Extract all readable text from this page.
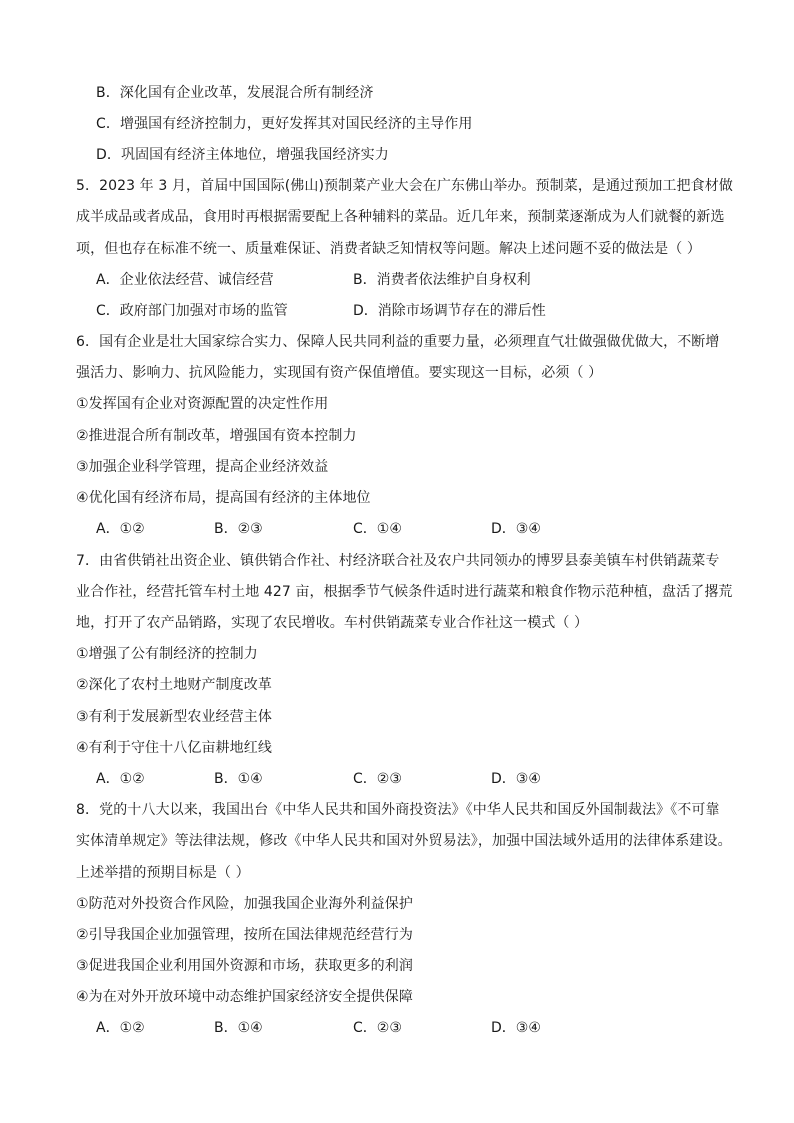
B．深化国有企业改革，发展混合所有制经济
C．增强国有经济控制力，更好发挥其对国民经济的主导作用
D．巩固国有经济主体地位，增强我国经济实力
5．2023 年 3 月，首届中国国际(佛山)预制菜产业大会在广东佛山举办。预制菜，是通过预加工把食材做
成半成品或者成品，食用时再根据需要配上各种辅料的菜品。近几年来，预制菜逐渐成为人们就餐的新选
项，但也存在标准不统一、质量难保证、消费者缺乏知情权等问题。解决上述问题不妥的做法是（ ）
A．企业依法经营、诚信经营	B．消费者依法维护自身权利
C．政府部门加强对市场的监管	D．消除市场调节存在的滞后性
6．国有企业是壮大国家综合实力、保障人民共同利益的重要力量，必须理直气壮做强做优做大，不断增
强活力、影响力、抗风险能力，实现国有资产保值增值。要实现这一目标，必须（ ）
①发挥国有企业对资源配置的决定性作用
②推进混合所有制改革，增强国有资本控制力
③加强企业科学管理，提高企业经济效益
④优化国有经济布局，提高国有经济的主体地位
A．①②	B．②③	C．①④	D．③④
7．由省供销社出资企业、镇供销合作社、村经济联合社及农户共同领办的博罗县泰美镇车村供销蔬菜专
业合作社，经营托管车村土地 427 亩，根据季节气候条件适时进行蔬菜和粮食作物示范种植，盘活了撂荒
地，打开了农产品销路，实现了农民增收。车村供销蔬菜专业合作社这一模式（ ）
①增强了公有制经济的控制力
②深化了农村土地财产制度改革
③有利于发展新型农业经营主体
④有利于守住十八亿亩耕地红线
A．①②	B．①④	C．②③	D．③④
8．党的十八大以来，我国出台《中华人民共和国外商投资法》《中华人民共和国反外国制裁法》《不可靠
实体清单规定》等法律法规，修改《中华人民共和国对外贸易法》，加强中国法域外适用的法律体系建设。
上述举措的预期目标是（ ）
①防范对外投资合作风险，加强我国企业海外利益保护
②引导我国企业加强管理，按所在国法律规范经营行为
③促进我国企业利用国外资源和市场，获取更多的利润
④为在对外开放环境中动态维护国家经济安全提供保障
A．①②	B．①④	C．②③	D．③④
